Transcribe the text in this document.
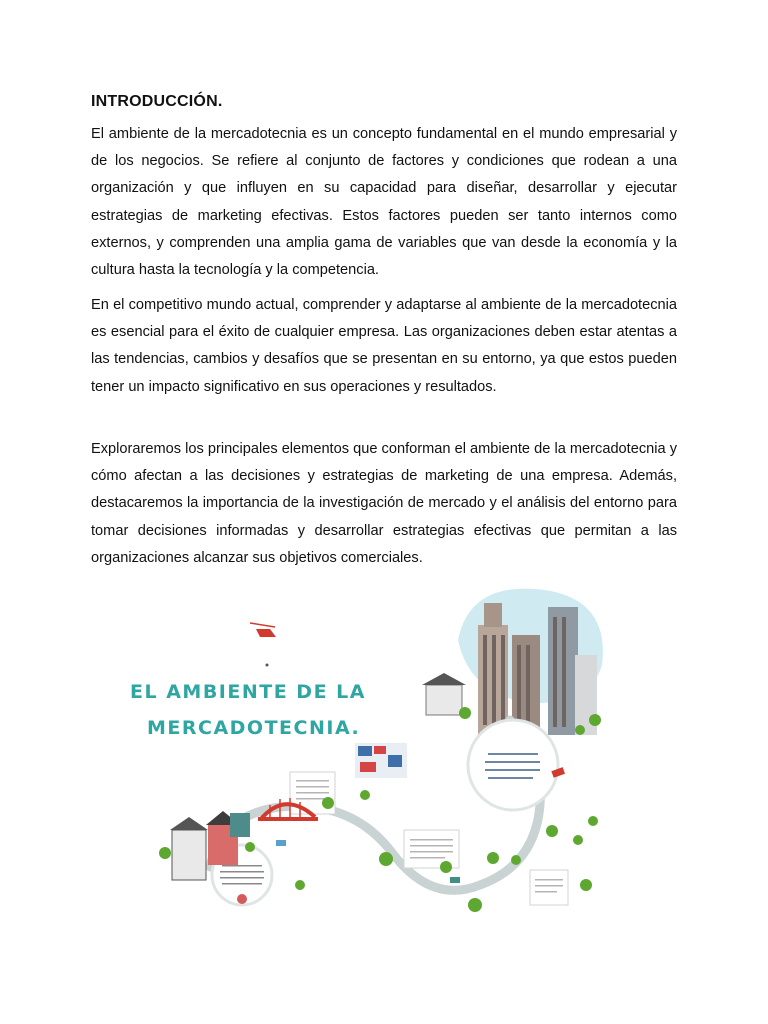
INTRODUCCIÓN.

El ambiente de la mercadotecnia es un concepto fundamental en el mundo empresarial y de los negocios. Se refiere al conjunto de factores y condiciones que rodean a una organización y que influyen en su capacidad para diseñar, desarrollar y ejecutar estrategias de marketing efectivas. Estos factores pueden ser tanto internos como externos, y comprenden una amplia gama de variables que van desde la economía y la cultura hasta la tecnología y la competencia.

En el competitivo mundo actual, comprender y adaptarse al ambiente de la mercadotecnia es esencial para el éxito de cualquier empresa. Las organizaciones deben estar atentas a las tendencias, cambios y desafíos que se presentan en su entorno, ya que estos pueden tener un impacto significativo en sus operaciones y resultados.

Exploraremos los principales elementos que conforman el ambiente de la mercadotecnia y cómo afectan a las decisiones y estrategias de marketing de una empresa. Además, destacaremos la importancia de la investigación de mercado y el análisis del entorno para tomar decisiones informadas y desarrollar estrategias efectivas que permitan a las organizaciones alcanzar sus objetivos comerciales.

EL AMBIENTE DE LA
MERCADOTECNIA.
